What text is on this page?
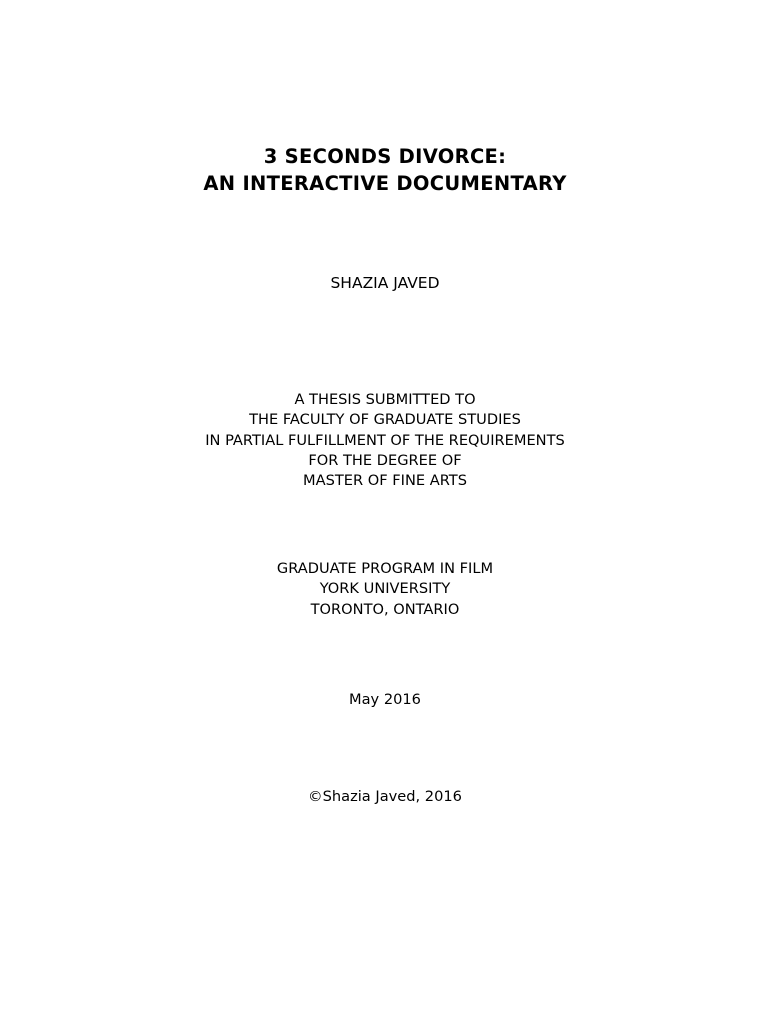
3 SECONDS DIVORCE:
AN INTERACTIVE DOCUMENTARY
SHAZIA JAVED
A THESIS SUBMITTED TO
THE FACULTY OF GRADUATE STUDIES
IN PARTIAL FULFILLMENT OF THE REQUIREMENTS
FOR THE DEGREE OF
MASTER OF FINE ARTS
GRADUATE PROGRAM IN FILM
YORK UNIVERSITY
TORONTO, ONTARIO
May 2016
©Shazia Javed, 2016
